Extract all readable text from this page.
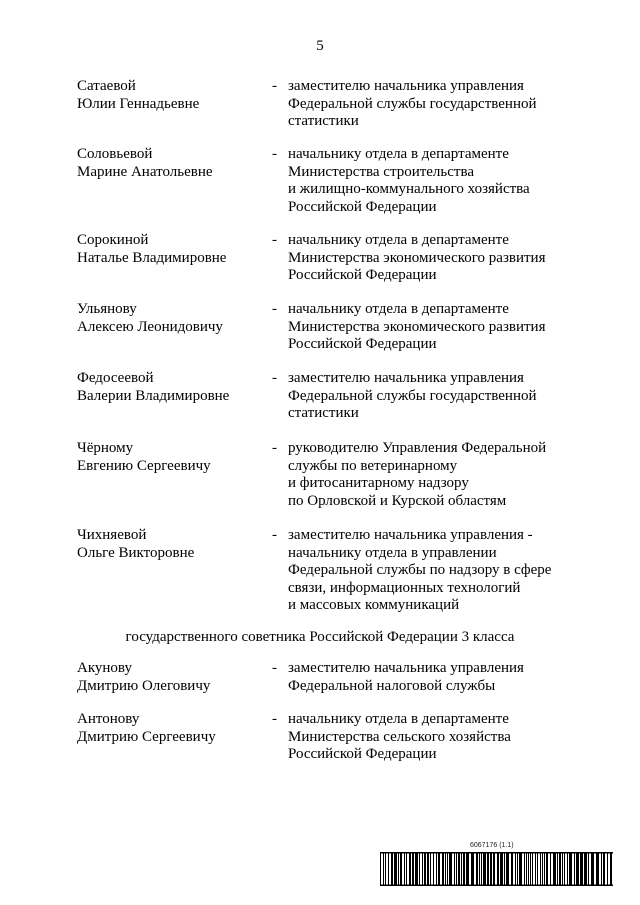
5
Сатаевой
Юлии Геннадьевне
- заместителю начальника управления
Федеральной службы государственной
статистики
Соловьевой
Марине Анатольевне
- начальнику отдела в департаменте
Министерства строительства
и жилищно-коммунального хозяйства
Российской Федерации
Сорокиной
Наталье Владимировне
- начальнику отдела в департаменте
Министерства экономического развития
Российской Федерации
Ульянову
Алексею Леонидовичу
- начальнику отдела в департаменте
Министерства экономического развития
Российской Федерации
Федосеевой
Валерии Владимировне
- заместителю начальника управления
Федеральной службы государственной
статистики
Чёрному
Евгению Сергеевичу
- руководителю Управления Федеральной
службы по ветеринарному
и фитосанитарному надзору
по Орловской и Курской областям
Чихняевой
Ольге Викторовне
- заместителю начальника управления -
начальнику отдела в управлении
Федеральной службы по надзору в сфере
связи, информационных технологий
и массовых коммуникаций
государственного советника Российской Федерации 3 класса
Акунову
Дмитрию Олеговичу
- заместителю начальника управления
Федеральной налоговой службы
Антонову
Дмитрию Сергеевичу
- начальнику отдела в департаменте
Министерства сельского хозяйства
Российской Федерации
6067176 (1.1)
